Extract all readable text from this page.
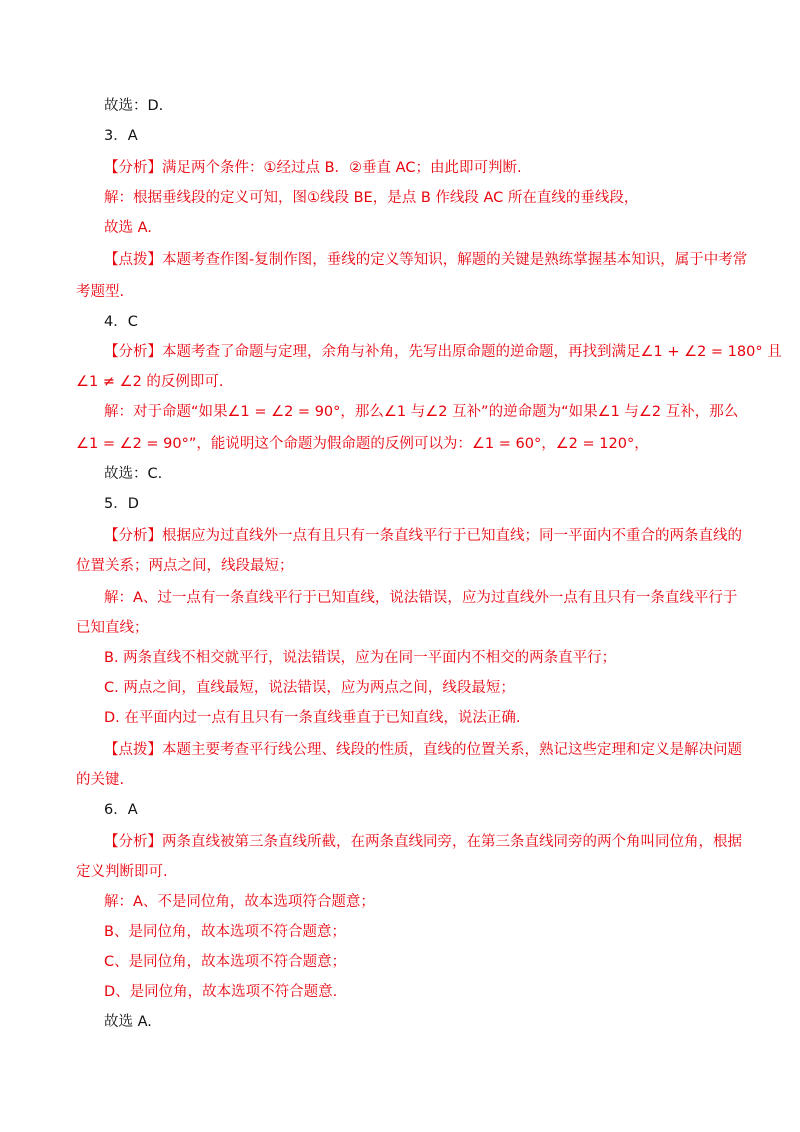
故选：D.
3．A
【分析】满足两个条件：①经过点 B．②垂直 AC；由此即可判断.
解：根据垂线段的定义可知，图①线段 BE，是点 B 作线段 AC 所在直线的垂线段，
故选 A.
【点拨】本题考查作图-复制作图，垂线的定义等知识，解题的关键是熟练掌握基本知识，属于中考常
考题型.
4．C
【分析】本题考查了命题与定理，余角与补角，先写出原命题的逆命题，再找到满足∠1 + ∠2 = 180° 且
∠1 ≠ ∠2 的反例即可.
解：对于命题“如果∠1 = ∠2 = 90°，那么∠1 与∠2 互补”的逆命题为“如果∠1 与∠2 互补，那么
∠1 = ∠2 = 90°”，能说明这个命题为假命题的反例可以为：∠1 = 60°，∠2 = 120°，
故选：C.
5．D
【分析】根据应为过直线外一点有且只有一条直线平行于已知直线；同一平面内不重合的两条直线的
位置关系；两点之间，线段最短；
解：A、过一点有一条直线平行于已知直线，说法错误，应为过直线外一点有且只有一条直线平行于
已知直线；
B. 两条直线不相交就平行，说法错误，应为在同一平面内不相交的两条直平行；
C. 两点之间，直线最短，说法错误，应为两点之间，线段最短；
D. 在平面内过一点有且只有一条直线垂直于已知直线，说法正确.
【点拨】本题主要考查平行线公理、线段的性质，直线的位置关系，熟记这些定理和定义是解决问题
的关键.
6．A
【分析】两条直线被第三条直线所截，在两条直线同旁，在第三条直线同旁的两个角叫同位角，根据
定义判断即可.
解：A、不是同位角，故本选项符合题意；
B、是同位角，故本选项不符合题意；
C、是同位角，故本选项不符合题意；
D、是同位角，故本选项不符合题意.
故选 A.
